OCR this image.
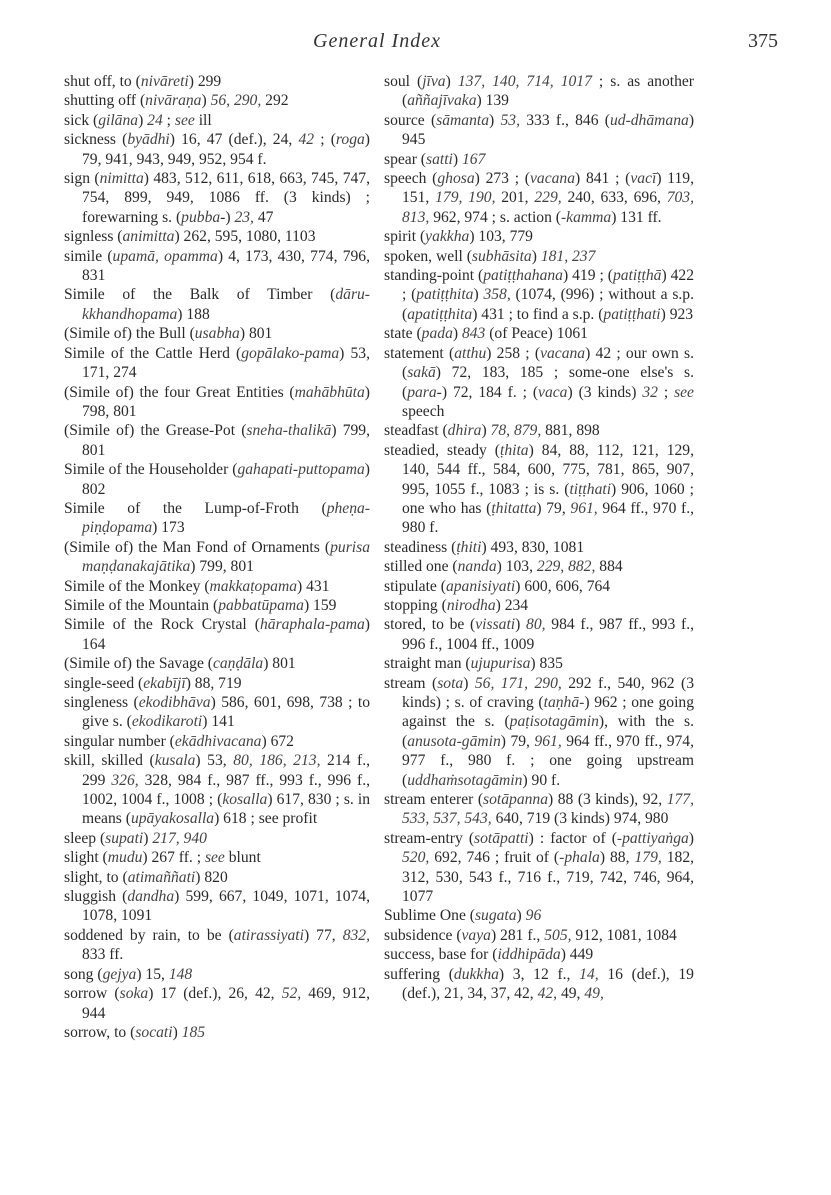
General Index	375

shut off, to (nivāreti) 299

shutting off (nivāraṇa) 56, 290, 292

sick (gilāna) 24 ; see ill

sickness (byādhi) 16, 47 (def.), 24, 42 ; (roga) 79, 941, 943, 949, 952, 954 f.

sign (nimitta) 483, 512, 611, 618, 663, 745, 747, 754, 899, 949, 1086 ff. (3 kinds) ; forewarning s. (pubba-) 23, 47

signless (animitta) 262, 595, 1080, 1103

simile (upamā, opamma) 4, 173, 430, 774, 796, 831

Simile of the Balk of Timber (dāru-kkhandhopama) 188

(Simile of) the Bull (usabha) 801

Simile of the Cattle Herd (gopālako-pama) 53, 171, 274

(Simile of) the four Great Entities (mahābhūta) 798, 801

(Simile of) the Grease-Pot (sneha-thalikā) 799, 801

Simile of the Householder (gahapati-puttopama) 802

Simile of the Lump-of-Froth (pheṇa-piṇḍopama) 173

(Simile of) the Man Fond of Ornaments (purisa maṇḍanakajātika) 799, 801

Simile of the Monkey (makkaṭopama) 431

Simile of the Mountain (pabbatūpama) 159

Simile of the Rock Crystal (hāraphala-pama) 164

(Simile of) the Savage (caṇḍāla) 801

single-seed (ekabījī) 88, 719

singleness (ekodibhāva) 586, 601, 698, 738 ; to give s. (ekodikaroti) 141

singular number (ekādhivacana) 672

skill, skilled (kusala) 53, 80, 186, 213, 214 f., 299 326, 328, 984 f., 987 ff., 993 f., 996 f., 1002, 1004 f., 1008 ; (kosalla) 617, 830 ; s. in means (upāyakosalla) 618 ; see profit

sleep (supati) 217, 940

slight (mudu) 267 ff. ; see blunt

slight, to (atimaññati) 820

sluggish (dandha) 599, 667, 1049, 1071, 1074, 1078, 1091

soddened by rain, to be (atirassiyati) 77, 832, 833 ff.

song (gejya) 15, 148

sorrow (soka) 17 (def.), 26, 42, 52, 469, 912, 944

sorrow, to (socati) 185

soul (jīva) 137, 140, 714, 1017 ; s. as another (aññajīvaka) 139

source (sāmanta) 53, 333 f., 846 (ud-dhāmana) 945

spear (satti) 167

speech (ghosa) 273 ; (vacana) 841 ; (vacī) 119, 151, 179, 190, 201, 229, 240, 633, 696, 703, 813, 962, 974 ; s. action (-kamma) 131 ff.

spirit (yakkha) 103, 779

spoken, well (subhāsita) 181, 237

standing-point (patiṭṭhahana) 419 ; (patiṭṭhā) 422 ; (patiṭṭhita) 358, (1074, (996) ; without a s.p. (apatiṭṭhita) 431 ; to find a s.p. (patiṭṭhati) 923

state (pada) 843 (of Peace) 1061

statement (atthu) 258 ; (vacana) 42 ; our own s. (sakā) 72, 183, 185 ; some-one else's s. (para-) 72, 184 f. ; (vaca) (3 kinds) 32 ; see speech

steadfast (dhira) 78, 879, 881, 898

steadied, steady (ṭhita) 84, 88, 112, 121, 129, 140, 544 ff., 584, 600, 775, 781, 865, 907, 995, 1055 f., 1083 ; is s. (tiṭṭhati) 906, 1060 ; one who has (ṭhitatta) 79, 961, 964 ff., 970 f., 980 f.

steadiness (ṭhiti) 493, 830, 1081

stilled one (nanda) 103, 229, 882, 884

stipulate (apanisiyati) 600, 606, 764

stopping (nirodha) 234

stored, to be (vissati) 80, 984 f., 987 ff., 993 f., 996 f., 1004 ff., 1009

straight man (ujupurisa) 835

stream (sota) 56, 171, 290, 292 f., 540, 962 (3 kinds) ; s. of craving (taṇhā-) 962 ; one going against the s. (paṭisotagāmin), with the s. (anusota-gāmin) 79, 961, 964 ff., 970 ff., 974, 977 f., 980 f. ; one going upstream (uddhaṁsotagāmin) 90 f.

stream enterer (sotāpanna) 88 (3 kinds), 92, 177, 533, 537, 543, 640, 719 (3 kinds) 974, 980

stream-entry (sotāpatti) : factor of (-pattiyaṅga) 520, 692, 746 ; fruit of (-phala) 88, 179, 182, 312, 530, 543 f., 716 f., 719, 742, 746, 964, 1077

Sublime One (sugata) 96

subsidence (vaya) 281 f., 505, 912, 1081, 1084

success, base for (iddhipāda) 449

suffering (dukkha) 3, 12 f., 14, 16 (def.), 19 (def.), 21, 34, 37, 42, 42, 49, 49,
